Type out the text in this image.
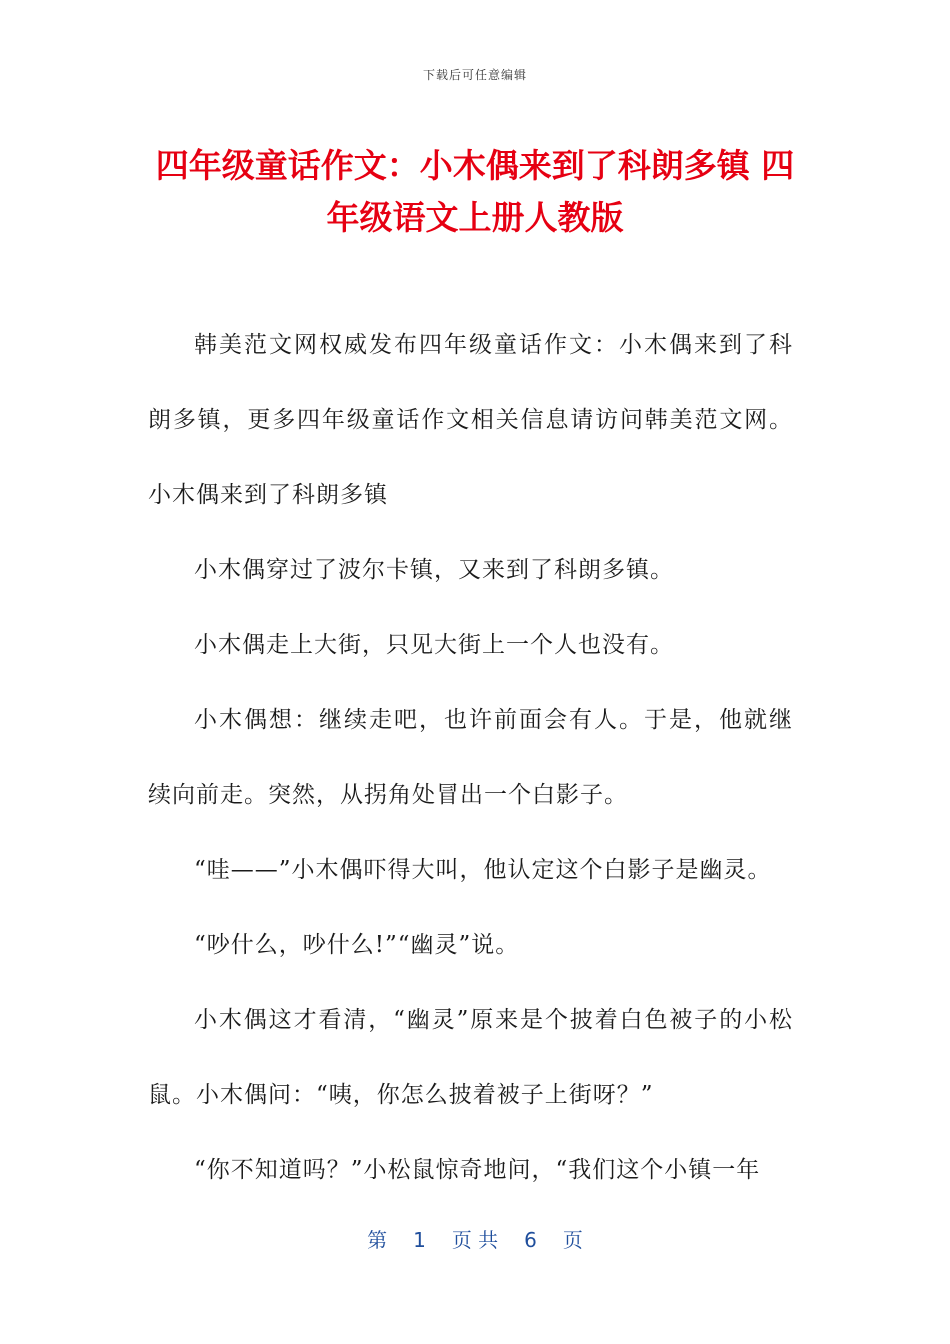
下载后可任意编辑
四年级童话作文：小木偶来到了科朗多镇 四年级语文上册人教版

韩美范文网权威发布四年级童话作文：小木偶来到了科朗多镇，更多四年级童话作文相关信息请访问韩美范文网。小木偶来到了科朗多镇

小木偶穿过了波尔卡镇，又来到了科朗多镇。

小木偶走上大街，只见大街上一个人也没有。

小木偶想：继续走吧，也许前面会有人。于是，他就继续向前走。突然，从拐角处冒出一个白影子。

“哇——”小木偶吓得大叫，他认定这个白影子是幽灵。

“吵什么，吵什么!”“幽灵”说。

小木偶这才看清，“幽灵”原来是个披着白色被子的小松鼠。小木偶问：“咦，你怎么披着被子上街呀？”

“你不知道吗？”小松鼠惊奇地问，“我们这个小镇一年

第 1 页 共 6 页
